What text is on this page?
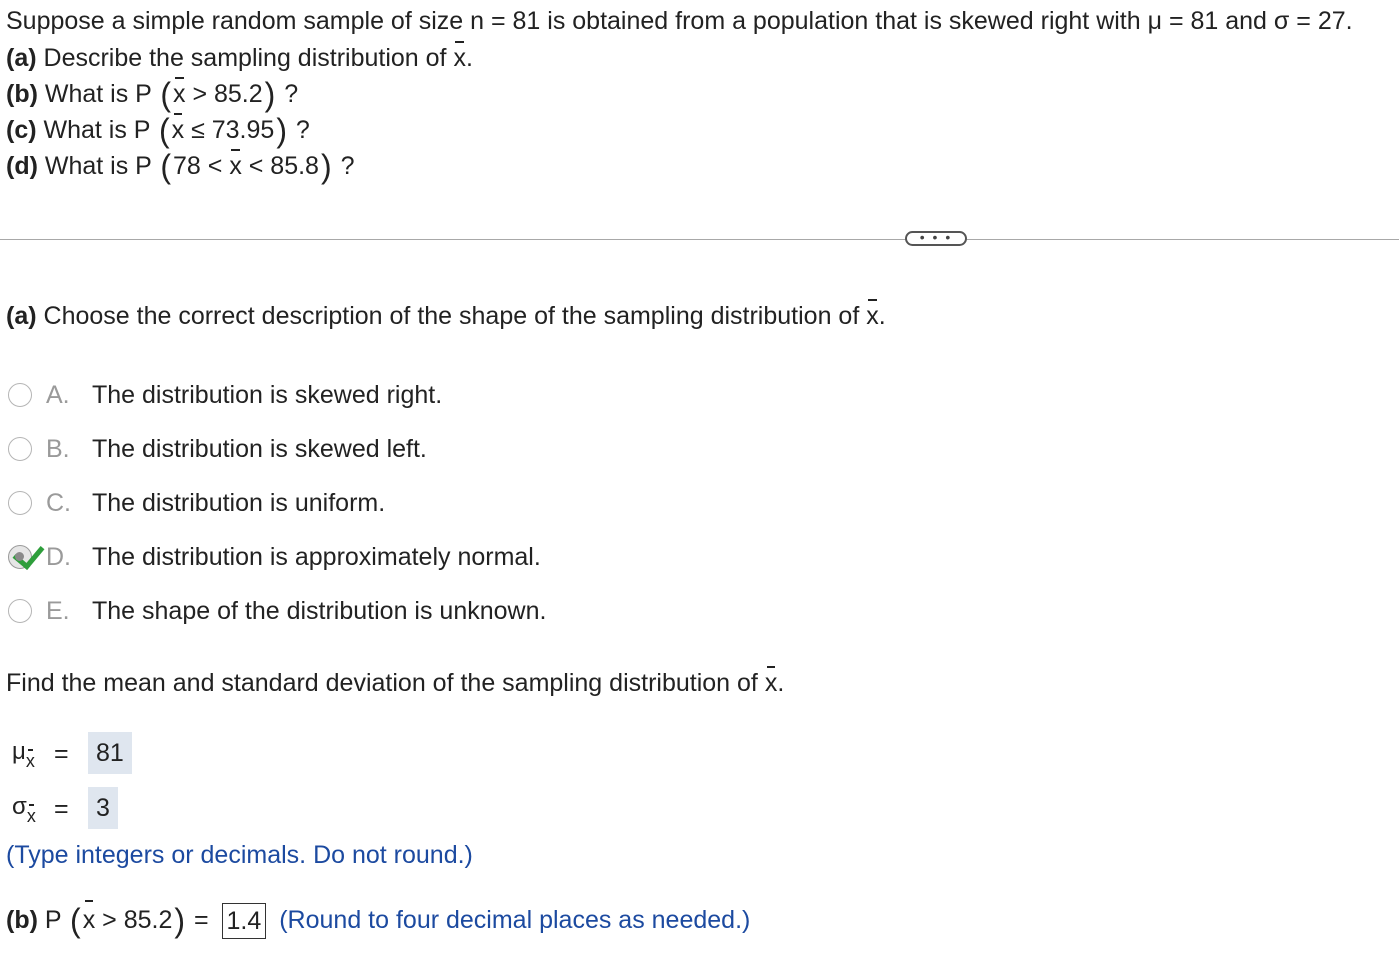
Suppose a simple random sample of size n = 81 is obtained from a population that is skewed right with μ = 81 and σ = 27.
(a) Describe the sampling distribution of x.
(b) What is P (x > 85.2) ?
(c) What is P (x ≤ 73.95) ?
(d) What is P (78 < x < 85.8) ?
• • •
(a) Choose the correct description of the shape of the sampling distribution of x.
A. The distribution is skewed right.
B. The distribution is skewed left.
C. The distribution is uniform.
D. The distribution is approximately normal.
E. The shape of the distribution is unknown.
Find the mean and standard deviation of the sampling distribution of x.
$\mu_x$ =	81
$\sigma_x$ =	3
(Type integers or decimals. Do not round.)
(b) P (x > 85.2) = 1.4 (Round to four decimal places as needed.)
